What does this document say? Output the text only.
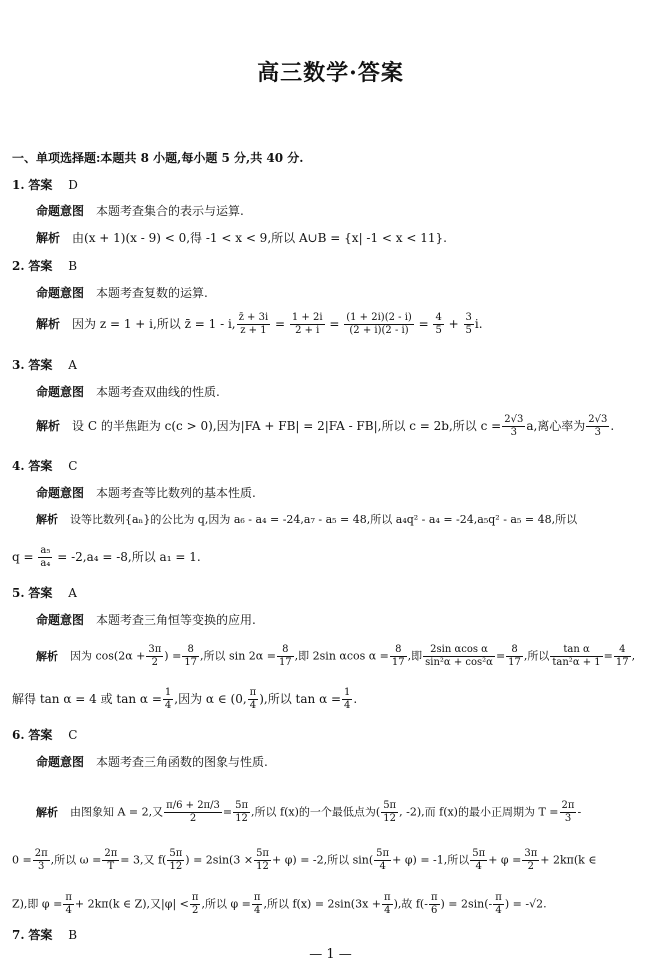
高三数学·答案
一、单项选择题:本题共 8 小题,每小题 5 分,共 40 分.
1. 答案 D
命题意图 本题考查集合的表示与运算.
解析 由(x + 1)(x - 9) < 0,得 -1 < x < 9,所以 A∪B = {x| -1 < x < 11}.
2. 答案 B
命题意图 本题考查复数的运算.
解析 因为 z = 1 + i,所以 z̄ = 1 - i, $\frac{z̄ + 3i}{z + 1} = \frac{1 + 2i}{2 + i} = \frac{(1 + 2i)(2 - i)}{(2 + i)(2 - i)} = \frac{4}{5} + \frac{3}{5} i$.
3. 答案 A
命题意图 本题考查双曲线的性质.
解析 设 C 的半焦距为 c(c > 0),因为|FA + FB| = 2|FA - FB|,所以 c = 2b,所以 $c = \frac{2√3}{3} a$,离心率为 $\frac{2√3}{3}$ .
4. 答案 C
命题意图 本题考查等比数列的基本性质.
解析 设等比数列{aₙ}的公比为 q,因为 a₆ - a₄ = -24,a₇ - a₅ = 48,所以 a₄q² - a₄ = -24,a₅q² - a₅ = 48,所以
$q = \frac{\text{a₅}}{\text{a₄}} = -2,a_4 = -8$,所以 a₁ = 1.
5. 答案 A
命题意图 本题考查三角恒等变换的应用.
解析 因为 $\cos(2\alpha + \frac{3\pi}{2}$ ) = $\frac{8}{17}$ ,所以 $\sin 2\alpha = \frac{8}{17}$ ,即 2sin αcos $\alpha = \frac{8}{17}$ ,即 $\frac{\text{2sin αcos α}}{\text{sin²α + cos²α}} = \frac{8}{17}$ ,所以 $\frac{\text{tan α}}{\text{tan²α + 1}} = \frac{4}{17}$ ,
解得 tan α = 4 或 $\tan \alpha = \frac{1}{4}$ ,因为 α ∈ (0, $\frac{\pi}{4}$ ),所以 $\tan \alpha = \frac{1}{4}$ .
6. 答案 C
命题意图 本题考查三角函数的图象与性质.
解析 由图象知 A = 2,又 $\frac{\pi/6 + 2\pi/3}{2} = \frac{5\pi}{12}$ ,所以 f(x)的一个最低点为( $\frac{5\pi}{12}$ , -2),而 f(x)的最小正周期为 $T = \frac{2\pi}{3}$ -
$0 = \frac{2\pi}{3}$ ,所以 $\omega = \frac{2\pi}{T} = 3$,又 $f( \frac{5\pi}{12}$ ) = $2\sin(3 \times \frac{5\pi}{12} + \varphi) = -2$,所以 $\sin( \frac{5\pi}{4} + \varphi) = -1$,所以 $\frac{5\pi}{4} + \varphi = \frac{3\pi}{2} + 2k\pi(k$ ∈
Z),即 $\varphi = \frac{\pi}{4} + 2k\pi(k$ ∈ Z),又$|\varphi| < \frac{\pi}{2}$ ,所以 $\varphi = \frac{\pi}{4}$ ,所以 $f(x) = 2\sin(3x + \frac{\pi}{4}$ ),故 $f(- \frac{\pi}{6}$ ) = $2\sin(- \frac{\pi}{4}$ ) = -√2.
7. 答案 B
— 1 —
